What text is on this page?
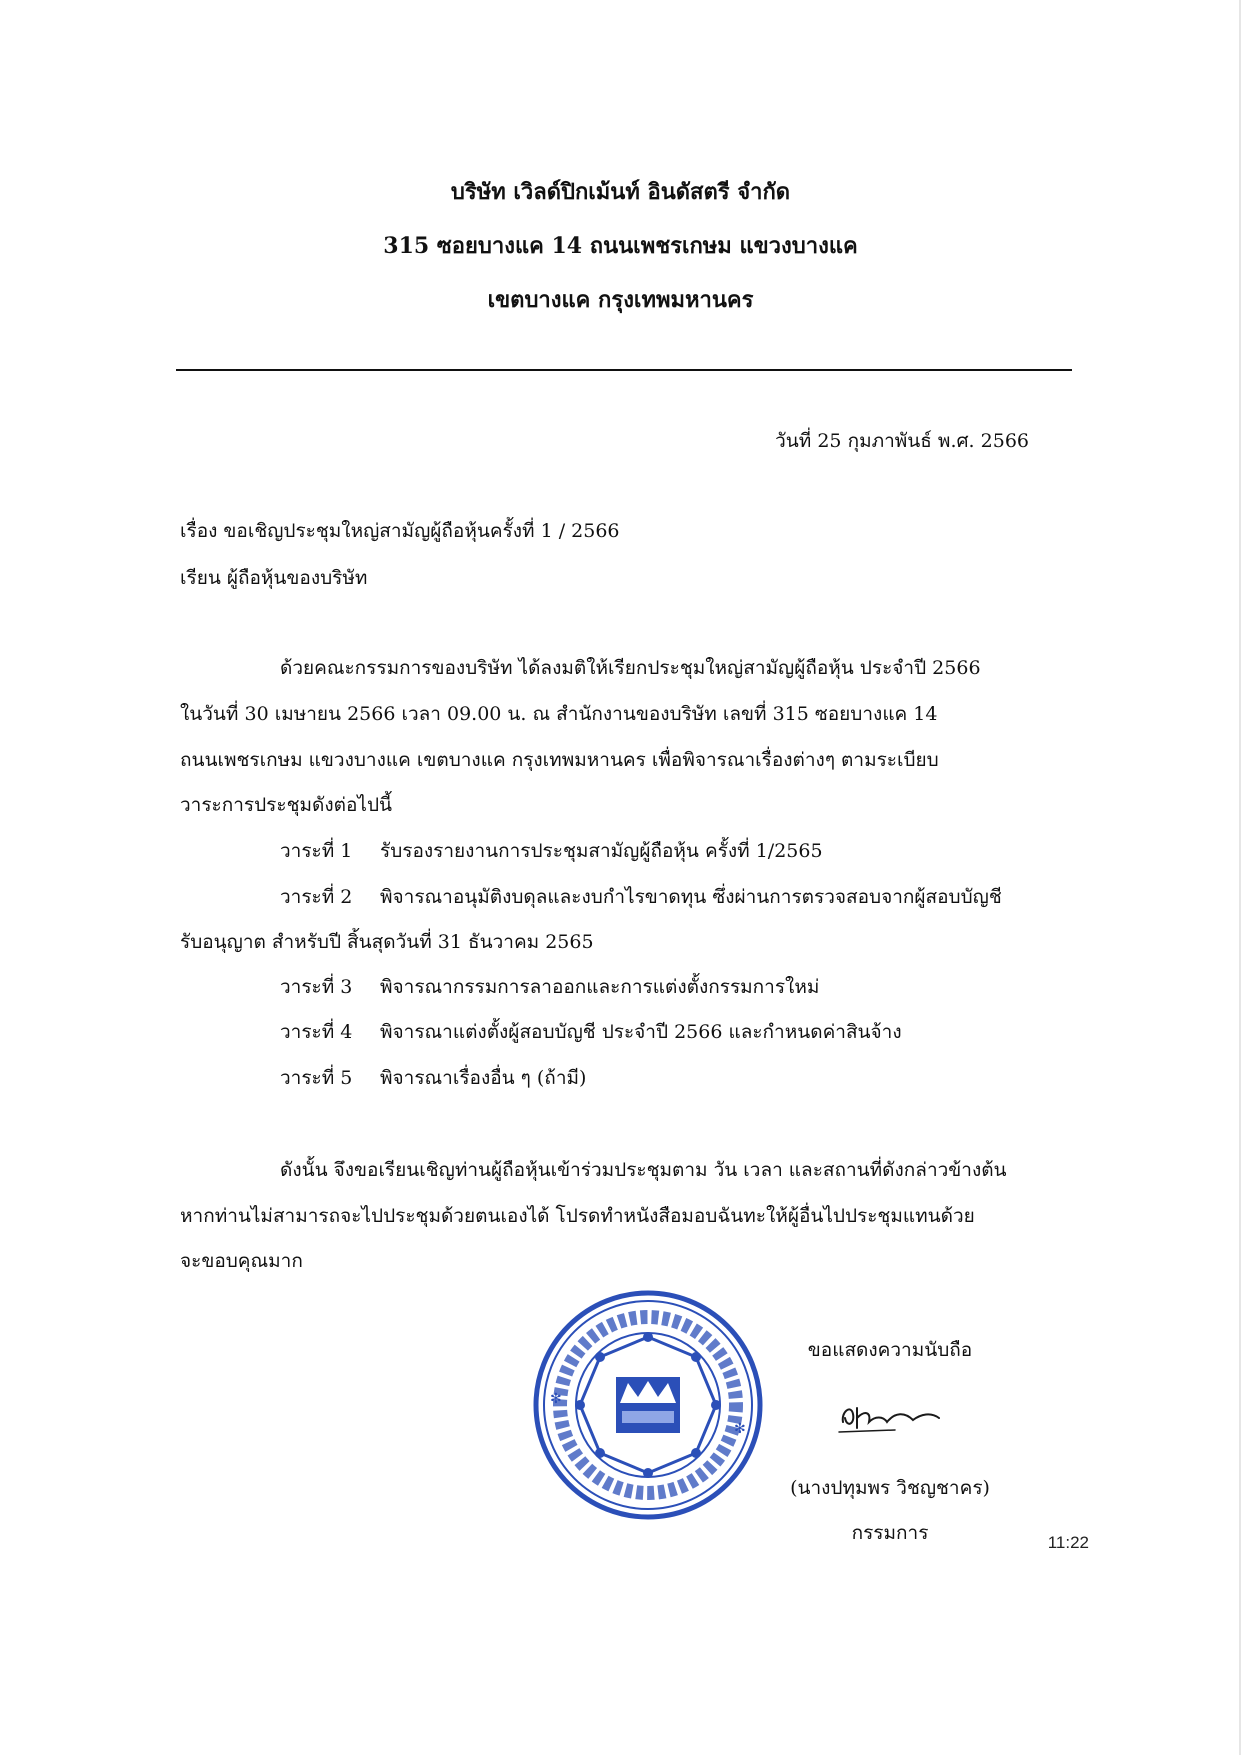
บริษัท เวิลด์ปิกเม้นท์ อินดัสตรี จำกัด
315 ซอยบางแค 14 ถนนเพชรเกษม แขวงบางแค
เขตบางแค กรุงเทพมหานคร
วันที่ 25 กุมภาพันธ์ พ.ศ. 2566
เรื่อง ขอเชิญประชุมใหญ่สามัญผู้ถือหุ้นครั้งที่ 1 / 2566
เรียน ผู้ถือหุ้นของบริษัท
ด้วยคณะกรรมการของบริษัท ได้ลงมติให้เรียกประชุมใหญ่สามัญผู้ถือหุ้น ประจำปี 2566
ในวันที่ 30 เมษายน 2566 เวลา 09.00 น. ณ สำนักงานของบริษัท เลขที่ 315 ซอยบางแค 14
ถนนเพชรเกษม แขวงบางแค เขตบางแค กรุงเทพมหานคร เพื่อพิจารณาเรื่องต่างๆ ตามระเบียบ
วาระการประชุมดังต่อไปนี้
วาระที่ 1 รับรองรายงานการประชุมสามัญผู้ถือหุ้น ครั้งที่ 1/2565
วาระที่ 2 พิจารณาอนุมัติงบดุลและงบกำไรขาดทุน ซึ่งผ่านการตรวจสอบจากผู้สอบบัญชี
รับอนุญาต สำหรับปี สิ้นสุดวันที่ 31 ธันวาคม 2565
วาระที่ 3 พิจารณากรรมการลาออกและการแต่งตั้งกรรมการใหม่
วาระที่ 4 พิจารณาแต่งตั้งผู้สอบบัญชี ประจำปี 2566 และกำหนดค่าสินจ้าง
วาระที่ 5 พิจารณาเรื่องอื่น ๆ (ถ้ามี)
ดังนั้น จึงขอเรียนเชิญท่านผู้ถือหุ้นเข้าร่วมประชุมตาม วัน เวลา และสถานที่ดังกล่าวข้างต้น
หากท่านไม่สามารถจะไปประชุมด้วยตนเองได้ โปรดทำหนังสือมอบฉันทะให้ผู้อื่นไปประชุมแทนด้วย
จะขอบคุณมาก
✻
✻
ขอแสดงความนับถือ
(นางปทุมพร วิชญชาคร)
กรรมการ	11:22
